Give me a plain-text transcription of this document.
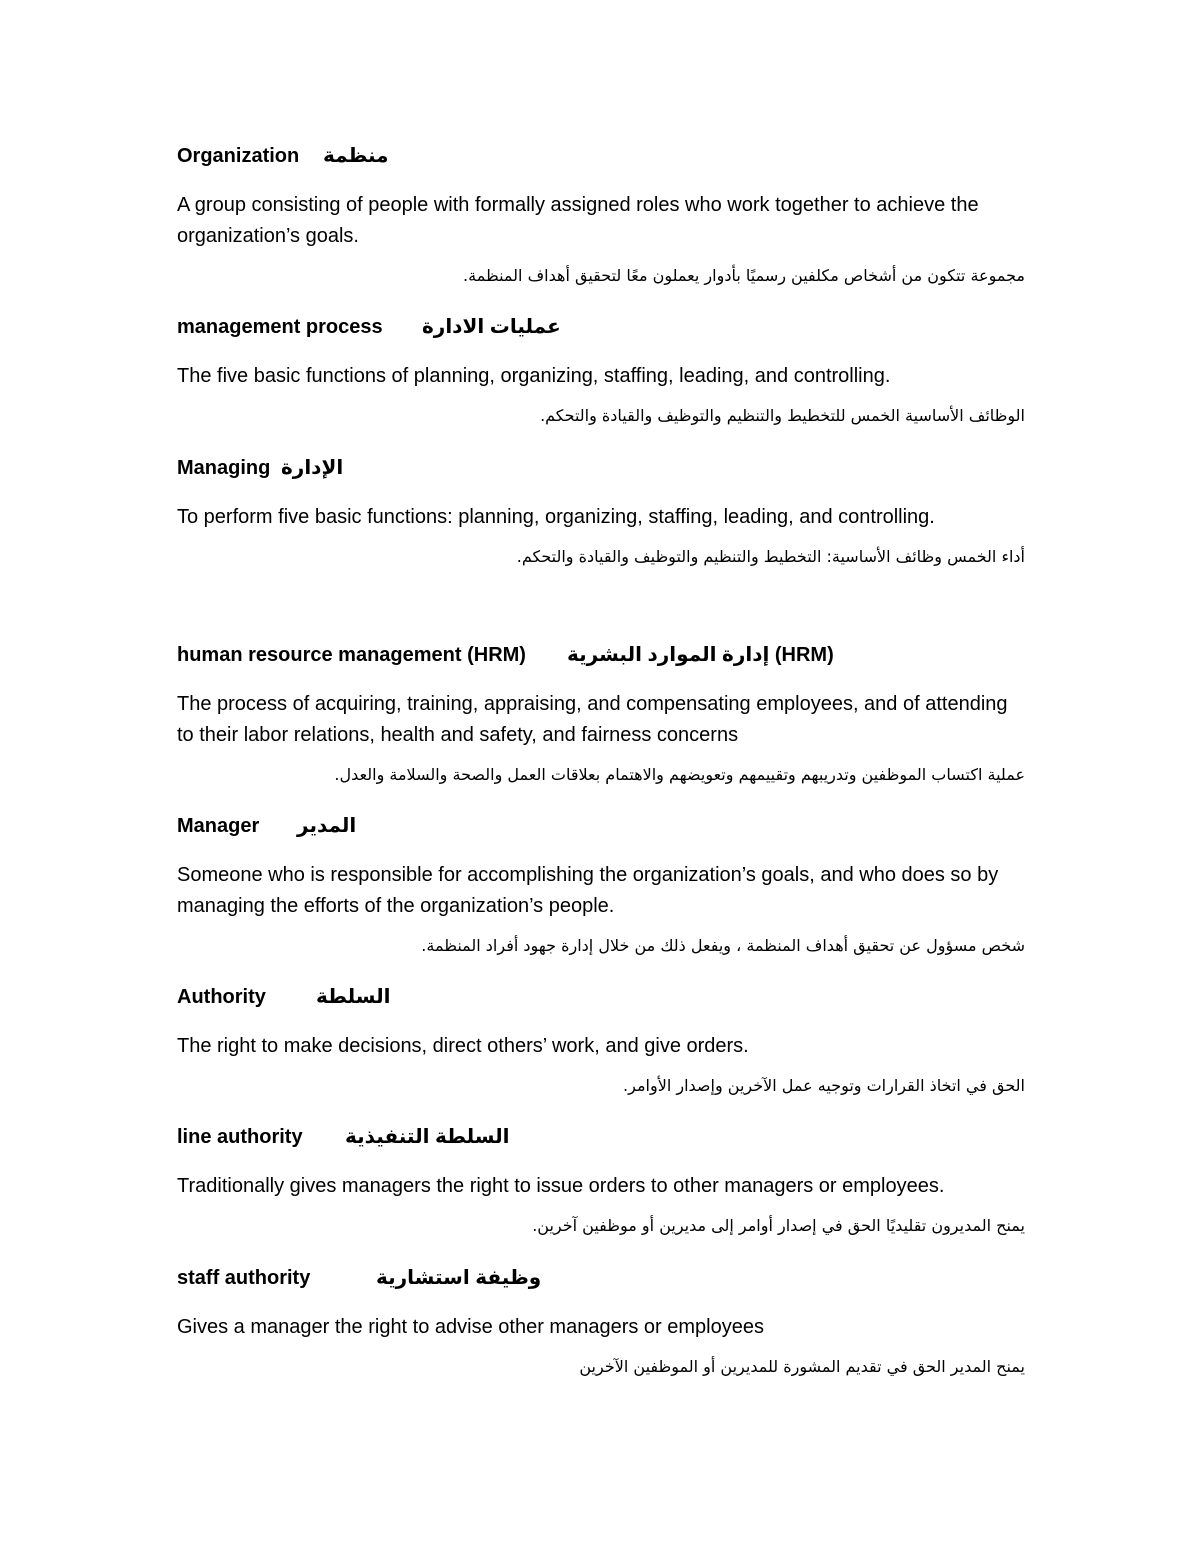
Organization منظمة
A group consisting of people with formally assigned roles who work together to achieve the organization’s goals.
مجموعة تتكون من أشخاص مكلفين رسميًا بأدوار يعملون معًا لتحقيق أهداف المنظمة.
management process عمليات الادارة
The five basic functions of planning, organizing, staffing, leading, and controlling.
الوظائف الأساسية الخمس للتخطيط والتنظيم والتوظيف والقيادة والتحكم.
Managing الإدارة
To perform five basic functions: planning, organizing, staffing, leading, and controlling.
أداء الخمس وظائف الأساسية: التخطيط والتنظيم والتوظيف والقيادة والتحكم.
human resource management (HRM) إدارة الموارد البشرية (HRM)
The process of acquiring, training, appraising, and compensating employees, and of attending to their labor relations, health and safety, and fairness concerns
عملية اكتساب الموظفين وتدريبهم وتقييمهم وتعويضهم والاهتمام بعلاقات العمل والصحة والسلامة والعدل.
Manager المدير
Someone who is responsible for accomplishing the organization’s goals, and who does so by managing the efforts of the organization’s people.
شخص مسؤول عن تحقيق أهداف المنظمة ، ويفعل ذلك من خلال إدارة جهود أفراد المنظمة.
Authority	السلطة
The right to make decisions, direct others’ work, and give orders.
الحق في اتخاذ القرارات وتوجيه عمل الآخرين وإصدار الأوامر.
line authority السلطة التنفيذية
Traditionally gives managers the right to issue orders to other managers or employees.
يمنح المديرون تقليديًا الحق في إصدار أوامر إلى مديرين أو موظفين آخرين.
staff authority	وظيفة استشارية
Gives a manager the right to advise other managers or employees
يمنح المدير الحق في تقديم المشورة للمديرين أو الموظفين الآخرين
